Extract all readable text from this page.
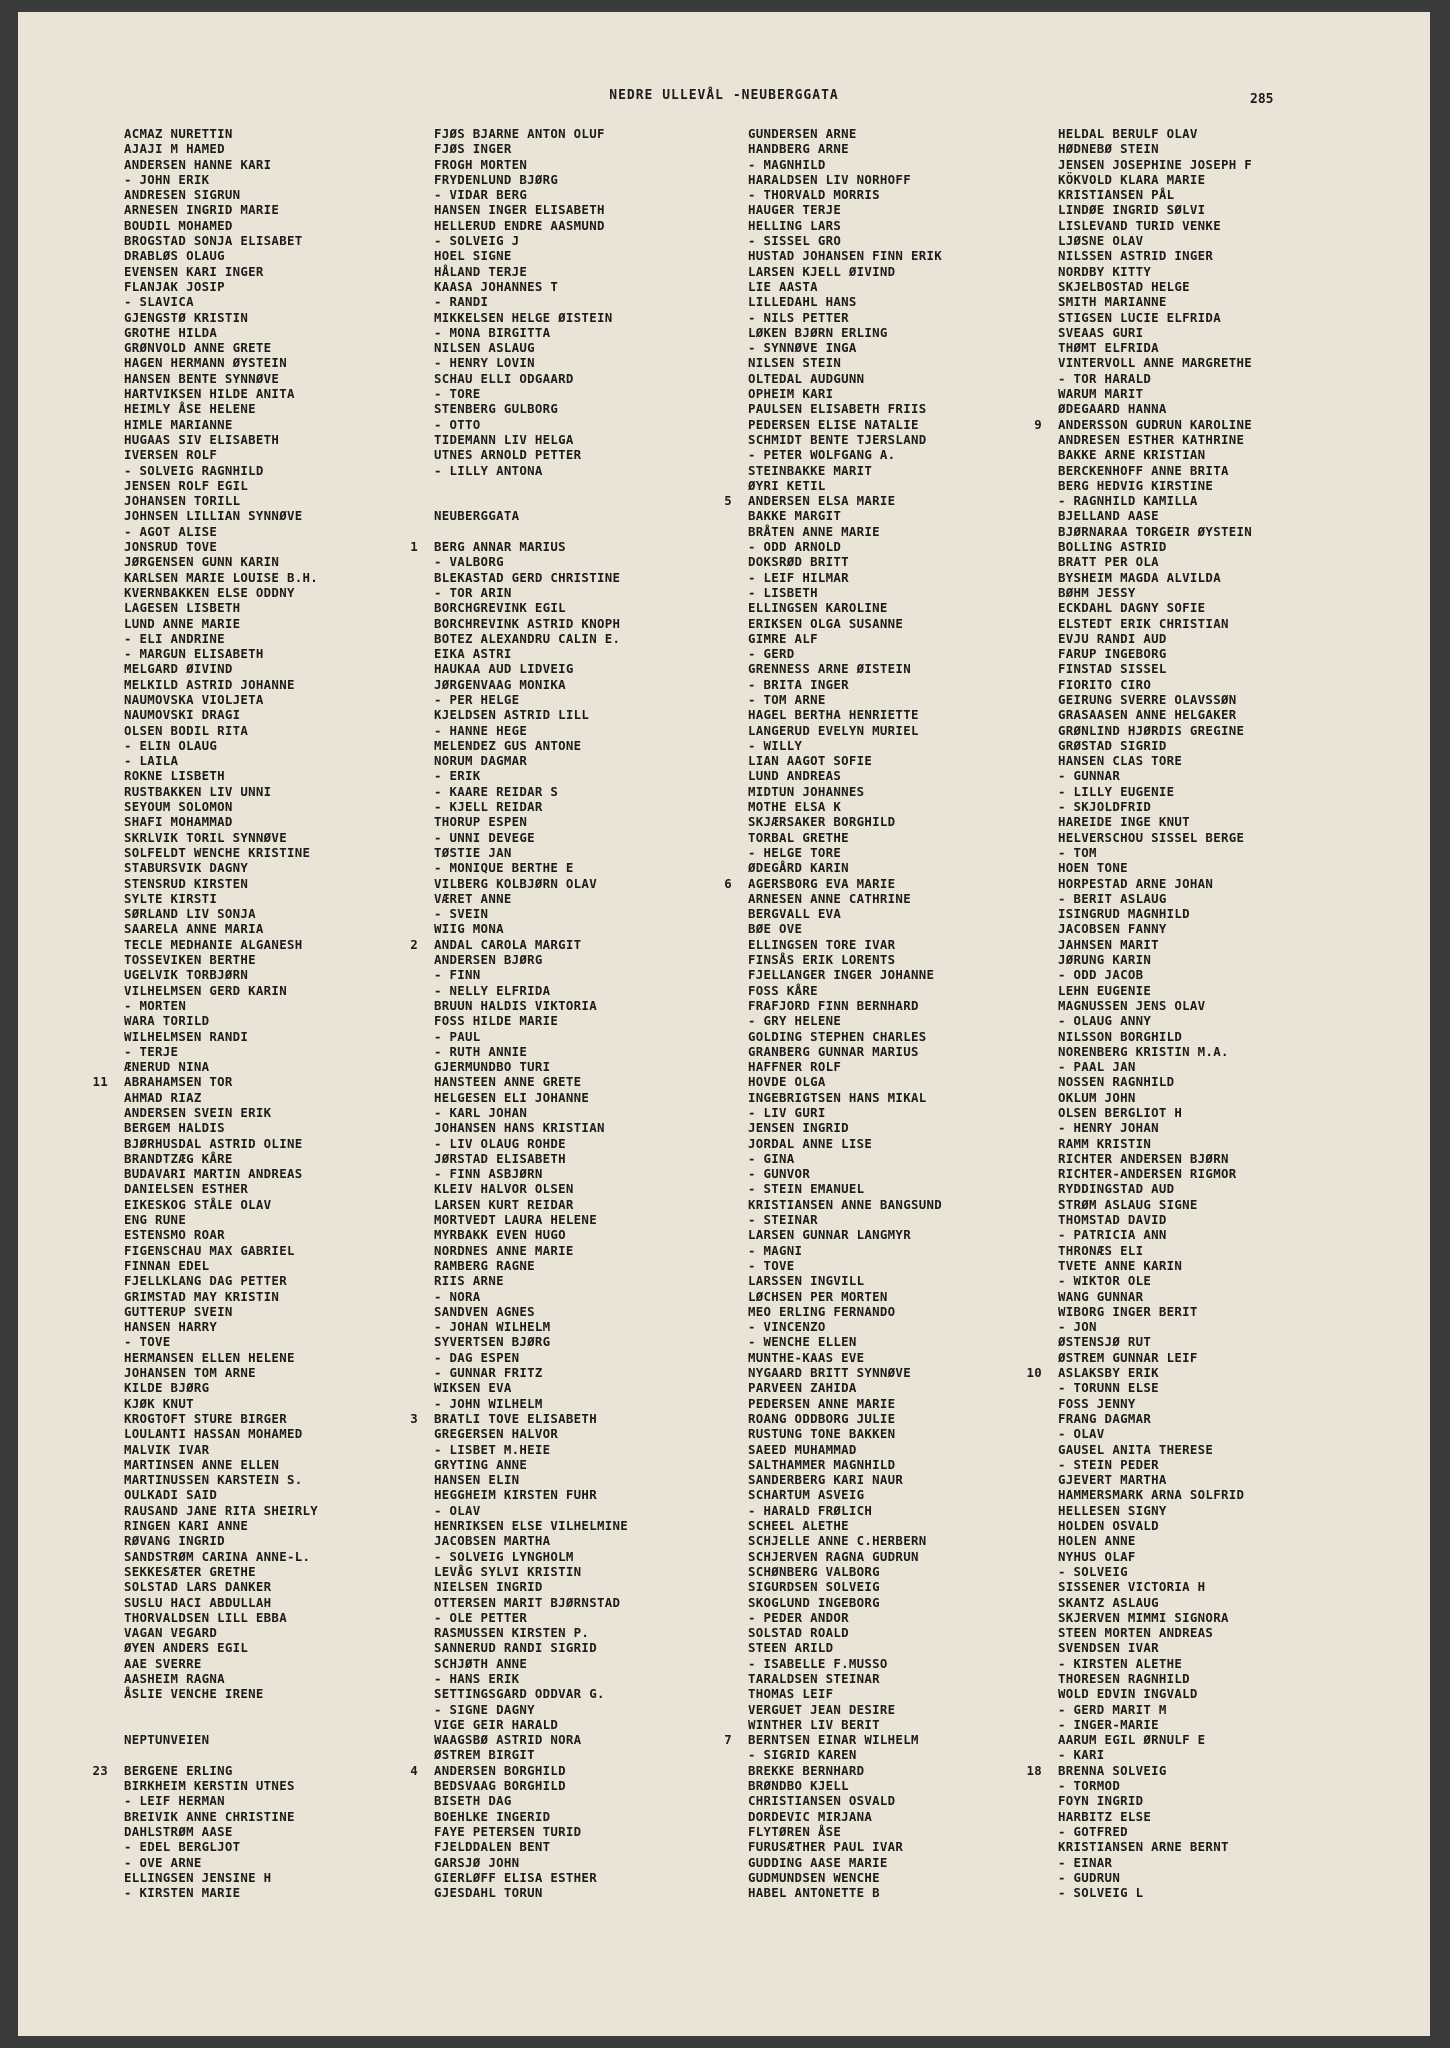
NEDRE ULLEVÅL -NEUBERGGATA	285
ACMAZ NURETTIN
AJAJI M HAMED
ANDERSEN HANNE KARI
- JOHN ERIK
ANDRESEN SIGRUN
ARNESEN INGRID MARIE
BOUDIL MOHAMED
BROGSTAD SONJA ELISABET
DRABLØS OLAUG
EVENSEN KARI INGER
FLANJAK JOSIP
- SLAVICA
GJENGSTØ KRISTIN
GROTHE HILDA
GRØNVOLD ANNE GRETE
HAGEN HERMANN ØYSTEIN
HANSEN BENTE SYNNØVE
HARTVIKSEN HILDE ANITA
HEIMLY ÅSE HELENE
HIMLE MARIANNE
HUGAAS SIV ELISABETH
IVERSEN ROLF
- SOLVEIG RAGNHILD
JENSEN ROLF EGIL
JOHANSEN TORILL
JOHNSEN LILLIAN SYNNØVE
- AGOT ALISE
JONSRUD TOVE
JØRGENSEN GUNN KARIN
KARLSEN MARIE LOUISE B.H.
KVERNBAKKEN ELSE ODDNY
LAGESEN LISBETH
LUND ANNE MARIE
- ELI ANDRINE
- MARGUN ELISABETH
MELGARD ØIVIND
MELKILD ASTRID JOHANNE
NAUMOVSKA VIOLJETA
NAUMOVSKI DRAGI
OLSEN BODIL RITA
- ELIN OLAUG
- LAILA
ROKNE LISBETH
RUSTBAKKEN LIV UNNI
SEYOUM SOLOMON
SHAFI MOHAMMAD
SKRLVIK TORIL SYNNØVE
SOLFELDT WENCHE KRISTINE
STABURSVIK DAGNY
STENSRUD KIRSTEN
SYLTE KIRSTI
SØRLAND LIV SONJA
SAARELA ANNE MARIA
TECLE MEDHANIE ALGANESH
TOSSEVIKEN BERTHE
UGELVIK TORBJØRN
VILHELMSEN GERD KARIN
- MORTEN
WARA TORILD
WILHELMSEN RANDI
- TERJE
ÆNERUD NINA
11 ABRAHAMSEN TOR
AHMAD RIAZ
ANDERSEN SVEIN ERIK
BERGEM HALDIS
BJØRHUSDAL ASTRID OLINE
BRANDTZÆG KÅRE
BUDAVARI MARTIN ANDREAS
DANIELSEN ESTHER
EIKESKOG STÅLE OLAV
ENG RUNE
ESTENSMO ROAR
FIGENSCHAU MAX GABRIEL
FINNAN EDEL
FJELLKLANG DAG PETTER
GRIMSTAD MAY KRISTIN
GUTTERUP SVEIN
HANSEN HARRY
- TOVE
HERMANSEN ELLEN HELENE
JOHANSEN TOM ARNE
KILDE BJØRG
KJØK KNUT
KROGTOFT STURE BIRGER
LOULANTI HASSAN MOHAMED
MALVIK IVAR
MARTINSEN ANNE ELLEN
MARTINUSSEN KARSTEIN S.
OULKADI SAID
RAUSAND JANE RITA SHEIRLY
RINGEN KARI ANNE
RØVANG INGRID
SANDSTRØM CARINA ANNE-L.
SEKKESÆTER GRETHE
SOLSTAD LARS DANKER
SUSLU HACI ABDULLAH
THORVALDSEN LILL EBBA
VAGAN VEGARD
ØYEN ANDERS EGIL
AAE SVERRE
AASHEIM RAGNA
ÅSLIE VENCHE IRENE
NEPTUNVEIEN
23 BERGENE ERLING
BIRKHEIM KERSTIN UTNES
- LEIF HERMAN
BREIVIK ANNE CHRISTINE
DAHLSTRØM AASE
- EDEL BERGLJOT
- OVE ARNE
ELLINGSEN JENSINE H
- KIRSTEN MARIE
FJØS BJARNE ANTON OLUF
FJØS INGER
FROGH MORTEN
FRYDENLUND BJØRG
- VIDAR BERG
HANSEN INGER ELISABETH
HELLERUD ENDRE AASMUND
- SOLVEIG J
HOEL SIGNE
HÅLAND TERJE
KAASA JOHANNES T
- RANDI
MIKKELSEN HELGE ØISTEIN
- MONA BIRGITTA
NILSEN ASLAUG
- HENRY LOVIN
SCHAU ELLI ODGAARD
- TORE
STENBERG GULBORG
- OTTO
TIDEMANN LIV HELGA
UTNES ARNOLD PETTER
- LILLY ANTONA
NEUBERGGATA
1 BERG ANNAR MARIUS
- VALBORG
BLEKASTAD GERD CHRISTINE
- TOR ARIN
BORCHGREVINK EGIL
BORCHREVINK ASTRID KNOPH
BOTEZ ALEXANDRU CALIN E.
EIKA ASTRI
HAUKAA AUD LIDVEIG
JØRGENVAAG MONIKA
- PER HELGE
KJELDSEN ASTRID LILL
- HANNE HEGE
MELENDEZ GUS ANTONE
NORUM DAGMAR
- ERIK
- KAARE REIDAR S
- KJELL REIDAR
THORUP ESPEN
- UNNI DEVEGE
TØSTIE JAN
- MONIQUE BERTHE E
VILBERG KOLBJØRN OLAV
VÆRET ANNE
- SVEIN
WIIG MONA
2 ANDAL CAROLA MARGIT
ANDERSEN BJØRG
- FINN
- NELLY ELFRIDA
BRUUN HALDIS VIKTORIA
FOSS HILDE MARIE
- PAUL
- RUTH ANNIE
GJERMUNDBO TURI
HANSTEEN ANNE GRETE
HELGESEN ELI JOHANNE
- KARL JOHAN
JOHANSEN HANS KRISTIAN
- LIV OLAUG ROHDE
JØRSTAD ELISABETH
- FINN ASBJØRN
KLEIV HALVOR OLSEN
LARSEN KURT REIDAR
MORTVEDT LAURA HELENE
MYRBAKK EVEN HUGO
NORDNES ANNE MARIE
RAMBERG RAGNE
RIIS ARNE
- NORA
SANDVEN AGNES
- JOHAN WILHELM
SYVERTSEN BJØRG
- DAG ESPEN
- GUNNAR FRITZ
WIKSEN EVA
- JOHN WILHELM
3 BRATLI TOVE ELISABETH
GREGERSEN HALVOR
- LISBET M.HEIE
GRYTING ANNE
HANSEN ELIN
HEGGHEIM KIRSTEN FUHR
- OLAV
HENRIKSEN ELSE VILHELMINE
JACOBSEN MARTHA
- SOLVEIG LYNGHOLM
LEVÅG SYLVI KRISTIN
NIELSEN INGRID
OTTERSEN MARIT BJØRNSTAD
- OLE PETTER
RASMUSSEN KIRSTEN P.
SANNERUD RANDI SIGRID
SCHJØTH ANNE
- HANS ERIK
SETTINGSGARD ODDVAR G.
- SIGNE DAGNY
VIGE GEIR HARALD
WAAGSBØ ASTRID NORA
ØSTREM BIRGIT
4 ANDERSEN BORGHILD
BEDSVAAG BORGHILD
BISETH DAG
BOEHLKE INGERID
FAYE PETERSEN TURID
FJELDDALEN BENT
GARSJØ JOHN
GIERLØFF ELISA ESTHER
GJESDAHL TORUN
GUNDERSEN ARNE
HANDBERG ARNE
- MAGNHILD
HARALDSEN LIV NORHOFF
- THORVALD MORRIS
HAUGER TERJE
HELLING LARS
- SISSEL GRO
HUSTAD JOHANSEN FINN ERIK
LARSEN KJELL ØIVIND
LIE AASTA
LILLEDAHL HANS
- NILS PETTER
LØKEN BJØRN ERLING
- SYNNØVE INGA
NILSEN STEIN
OLTEDAL AUDGUNN
OPHEIM KARI
PAULSEN ELISABETH FRIIS
PEDERSEN ELISE NATALIE
SCHMIDT BENTE TJERSLAND
- PETER WOLFGANG A.
STEINBAKKE MARIT
ØYRI KETIL
5 ANDERSEN ELSA MARIE
BAKKE MARGIT
BRÅTEN ANNE MARIE
- ODD ARNOLD
DOKSRØD BRITT
- LEIF HILMAR
- LISBETH
ELLINGSEN KAROLINE
ERIKSEN OLGA SUSANNE
GIMRE ALF
- GERD
GRENNESS ARNE ØISTEIN
- BRITA INGER
- TOM ARNE
HAGEL BERTHA HENRIETTE
LANGERUD EVELYN MURIEL
- WILLY
LIAN AAGOT SOFIE
LUND ANDREAS
MIDTUN JOHANNES
MOTHE ELSA K
SKJÆRSAKER BORGHILD
TORBAL GRETHE
- HELGE TORE
ØDEGÅRD KARIN
6 AGERSBORG EVA MARIE
ARNESEN ANNE CATHRINE
BERGVALL EVA
BØE OVE
ELLINGSEN TORE IVAR
FINSÅS ERIK LORENTS
FJELLANGER INGER JOHANNE
FOSS KÅRE
FRAFJORD FINN BERNHARD
- GRY HELENE
GOLDING STEPHEN CHARLES
GRANBERG GUNNAR MARIUS
HAFFNER ROLF
HOVDE OLGA
INGEBRIGTSEN HANS MIKAL
- LIV GURI
JENSEN INGRID
JORDAL ANNE LISE
- GINA
- GUNVOR
- STEIN EMANUEL
KRISTIANSEN ANNE BANGSUND
- STEINAR
LARSEN GUNNAR LANGMYR
- MAGNI
- TOVE
LARSSEN INGVILL
LØCHSEN PER MORTEN
MEO ERLING FERNANDO
- VINCENZO
- WENCHE ELLEN
MUNTHE-KAAS EVE
NYGAARD BRITT SYNNØVE
PARVEEN ZAHIDA
PEDERSEN ANNE MARIE
ROANG ODDBORG JULIE
RUSTUNG TONE BAKKEN
SAEED MUHAMMAD
SALTHAMMER MAGNHILD
SANDERBERG KARI NAUR
SCHARTUM ASVEIG
- HARALD FRØLICH
SCHEEL ALETHE
SCHJELLE ANNE C.HERBERN
SCHJERVEN RAGNA GUDRUN
SCHØNBERG VALBORG
SIGURDSEN SOLVEIG
SKOGLUND INGEBORG
- PEDER ANDOR
SOLSTAD ROALD
STEEN ARILD
- ISABELLE F.MUSSO
TARALDSEN STEINAR
THOMAS LEIF
VERGUET JEAN DESIRE
WINTHER LIV BERIT
7 BERNTSEN EINAR WILHELM
- SIGRID KAREN
BREKKE BERNHARD
BRØNDBO KJELL
CHRISTIANSEN OSVALD
DORDEVIC MIRJANA
FLYTØREN ÅSE
FURUSÆTHER PAUL IVAR
GUDDING AASE MARIE
GUDMUNDSEN WENCHE
HABEL ANTONETTE B
HELDAL BERULF OLAV
HØDNEBØ STEIN
JENSEN JOSEPHINE JOSEPH F
KÖKVOLD KLARA MARIE
KRISTIANSEN PÅL
LINDØE INGRID SØLVI
LISLEVAND TURID VENKE
LJØSNE OLAV
NILSSEN ASTRID INGER
NORDBY KITTY
SKJELBOSTAD HELGE
SMITH MARIANNE
STIGSEN LUCIE ELFRIDA
SVEAAS GURI
THØMT ELFRIDA
VINTERVOLL ANNE MARGRETHE
- TOR HARALD
WARUM MARIT
ØDEGAARD HANNA
9 ANDERSSON GUDRUN KAROLINE
ANDRESEN ESTHER KATHRINE
BAKKE ARNE KRISTIAN
BERCKENHOFF ANNE BRITA
BERG HEDVIG KIRSTINE
- RAGNHILD KAMILLA
BJELLAND AASE
BJØRNARAA TORGEIR ØYSTEIN
BOLLING ASTRID
BRATT PER OLA
BYSHEIM MAGDA ALVILDA
BØHM JESSY
ECKDAHL DAGNY SOFIE
ELSTEDT ERIK CHRISTIAN
EVJU RANDI AUD
FARUP INGEBORG
FINSTAD SISSEL
FIORITO CIRO
GEIRUNG SVERRE OLAVSSØN
GRASAASEN ANNE HELGAKER
GRØNLIND HJØRDIS GREGINE
GRØSTAD SIGRID
HANSEN CLAS TORE
- GUNNAR
- LILLY EUGENIE
- SKJOLDFRID
HAREIDE INGE KNUT
HELVERSCHOU SISSEL BERGE
- TOM
HOEN TONE
HORPESTAD ARNE JOHAN
- BERIT ASLAUG
ISINGRUD MAGNHILD
JACOBSEN FANNY
JAHNSEN MARIT
JØRUNG KARIN
- ODD JACOB
LEHN EUGENIE
MAGNUSSEN JENS OLAV
- OLAUG ANNY
NILSSON BORGHILD
NORENBERG KRISTIN M.A.
- PAAL JAN
NOSSEN RAGNHILD
OKLUM JOHN
OLSEN BERGLIOT H
- HENRY JOHAN
RAMM KRISTIN
RICHTER ANDERSEN BJØRN
RICHTER-ANDERSEN RIGMOR
RYDDINGSTAD AUD
STRØM ASLAUG SIGNE
THOMSTAD DAVID
- PATRICIA ANN
THRONÆS ELI
TVETE ANNE KARIN
- WIKTOR OLE
WANG GUNNAR
WIBORG INGER BERIT
- JON
ØSTENSJØ RUT
ØSTREM GUNNAR LEIF
10 ASLAKSBY ERIK
- TORUNN ELSE
FOSS JENNY
FRANG DAGMAR
- OLAV
GAUSEL ANITA THERESE
- STEIN PEDER
GJEVERT MARTHA
HAMMERSMARK ARNA SOLFRID
HELLESEN SIGNY
HOLDEN OSVALD
HOLEN ANNE
NYHUS OLAF
- SOLVEIG
SISSENER VICTORIA H
SKANTZ ASLAUG
SKJERVEN MIMMI SIGNORA
STEEN MORTEN ANDREAS
SVENDSEN IVAR
- KIRSTEN ALETHE
THORESEN RAGNHILD
WOLD EDVIN INGVALD
- GERD MARIT M
- INGER-MARIE
AARUM EGIL ØRNULF E
- KARI
18 BRENNA SOLVEIG
- TORMOD
FOYN INGRID
HARBITZ ELSE
- GOTFRED
KRISTIANSEN ARNE BERNT
- EINAR
- GUDRUN
- SOLVEIG L
